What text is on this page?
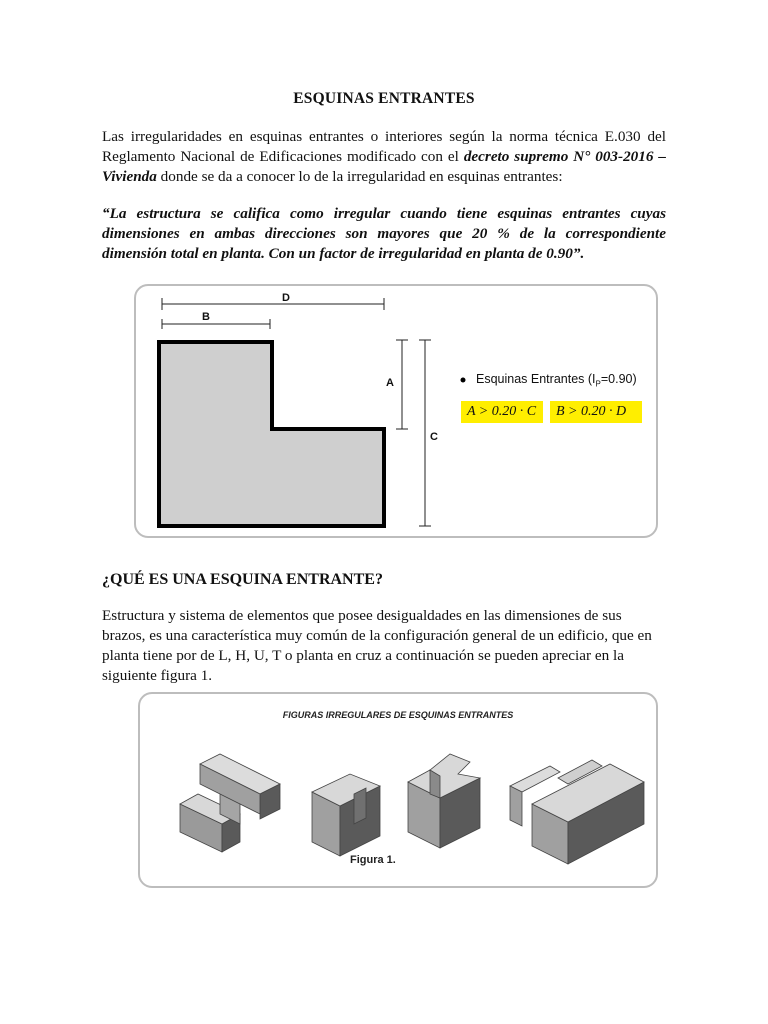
ESQUINAS ENTRANTES
Las irregularidades en esquinas entrantes o interiores según la norma técnica E.030 del Reglamento Nacional de Edificaciones modificado con el decreto supremo N° 003-2016 – Vivienda donde se da a conocer lo de la irregularidad en esquinas entrantes:
“La estructura se califica como irregular cuando tiene esquinas entrantes cuyas dimensiones en ambas direcciones son mayores que 20 % de la correspondiente dimensión total en planta. Con un factor de irregularidad en planta de 0.90”.
D
B
A
C
Esquinas Entrantes $(I_P=0.90)$
A > 0.20 · C	B > 0.20 · D
¿QUÉ ES UNA ESQUINA ENTRANTE?
Estructura y sistema de elementos que posee desigualdades en las dimensiones de sus brazos, es una característica muy común de la configuración general de un edificio, que en planta tiene por de L, H, U, T o planta en cruz a continuación se pueden apreciar en la siguiente figura 1.
FIGURAS IRREGULARES DE ESQUINAS ENTRANTES
Figura 1.
